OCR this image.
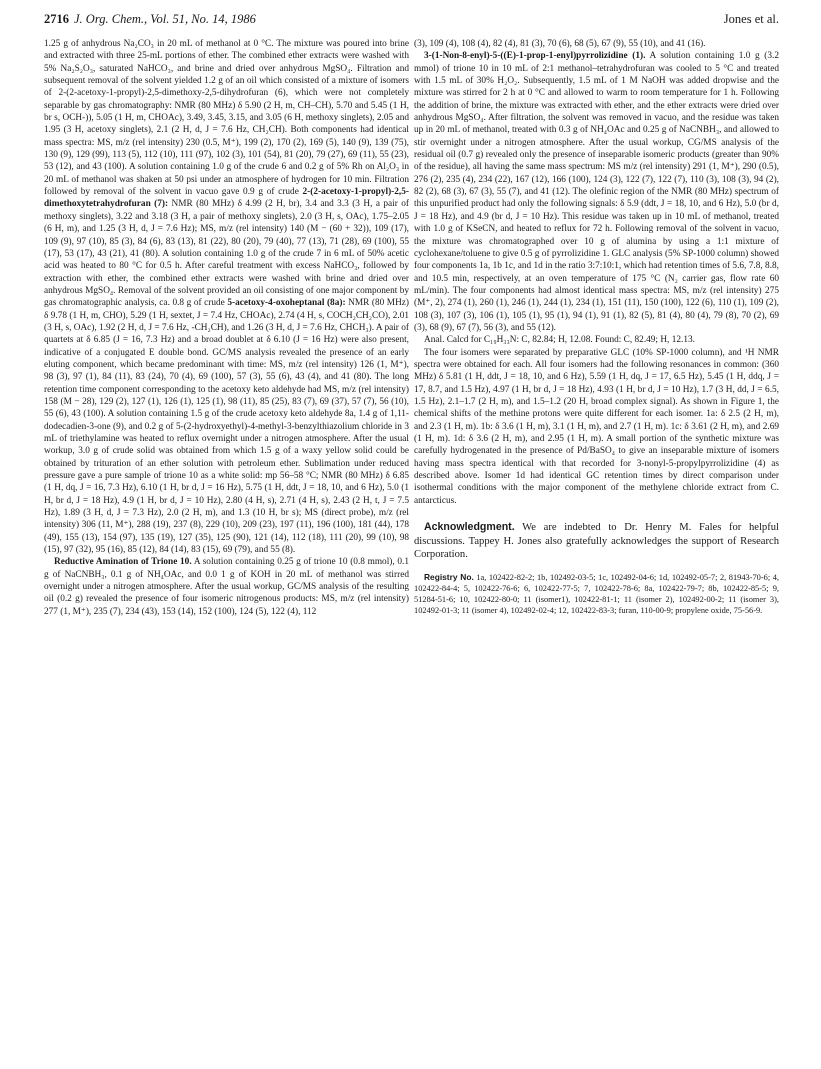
2716 J. Org. Chem., Vol. 51, No. 14, 1986	Jones et al.

1.25 g of anhydrous Na₂CO₃ in 20 mL of methanol at 0 °C. The mixture was poured into brine and extracted with three 25-mL portions of ether. The combined ether extracts were washed with 5% Na₂S₂O₃, saturated NaHCO₃, and brine and dried over anhydrous MgSO₄. Filtration and subsequent removal of the solvent yielded 1.2 g of an oil which consisted of a mixture of isomers of 2-(2-acetoxy-1-propyl)-2,5-dimethoxy-2,5-dihydrofuran (6), which were not completely separable by gas chromatography: NMR (80 MHz) δ 5.90 (2 H, m, CH–CH), 5.70 and 5.45 (1 H, br s, OCH-)), 5.05 (1 H, m, CHOAc), 3.49, 3.45, 3.15, and 3.05 (6 H, methoxy singlets), 2.05 and 1.95 (3 H, acetoxy singlets), 2.1 (2 H, d, J = 7.6 Hz, CH₂CH). Both components had identical mass spectra: MS, m/z (rel intensity) 230 (0.5, M⁺), 199 (2), 170 (2), 169 (5), 140 (9), 139 (75), 130 (9), 129 (99), 113 (5), 112 (10), 111 (97), 102 (3), 101 (54), 81 (20), 79 (27), 69 (11), 55 (23), 53 (12), and 43 (100). A solution containing 1.0 g of the crude 6 and 0.2 g of 5% Rh on Al₂O₃ in 20 mL of methanol was shaken at 50 psi under an atmosphere of hydrogen for 10 min. Filtration followed by removal of the solvent in vacuo gave 0.9 g of crude 2-(2-acetoxy-1-propyl)-2,5-dimethoxytetrahydrofuran (7): NMR (80 MHz) δ 4.99 (2 H, br), 3.4 and 3.3 (3 H, a pair of methoxy singlets), 3.22 and 3.18 (3 H, a pair of methoxy singlets), 2.0 (3 H, s, OAc), 1.75–2.05 (6 H, m), and 1.25 (3 H, d, J = 7.6 Hz); MS, m/z (rel intensity) 140 (M − (60 + 32)), 109 (17), 109 (9), 97 (10), 85 (3), 84 (6), 83 (13), 81 (22), 80 (20), 79 (40), 77 (13), 71 (28), 69 (100), 55 (17), 53 (17), 43 (21), 41 (80). A solution containing 1.0 g of the crude 7 in 6 mL of 50% acetic acid was heated to 80 °C for 0.5 h. After careful treatment with excess NaHCO₃, followed by extraction with ether, the combined ether extracts were washed with brine and dried over anhydrous MgSO₄. Removal of the solvent provided an oil consisting of one major component by gas chromatographic analysis, ca. 0.8 g of crude 5-acetoxy-4-oxoheptanal (8a): NMR (80 MHz) δ 9.78 (1 H, m, CHO), 5.29 (1 H, sextet, J = 7.4 Hz, CHOAc), 2.74 (4 H, s, COCH₂CH₂CO), 2.01 (3 H, s, OAc), 1.92 (2 H, d, J = 7.6 Hz, -CH₂CH), and 1.26 (3 H, d, J = 7.6 Hz, CHCH₃). A pair of quartets at δ 6.85 (J = 16, 7.3 Hz) and a broad doublet at δ 6.10 (J = 16 Hz) were also present, indicative of a conjugated E double bond. GC/MS analysis revealed the presence of an early eluting component, which became predominant with time: MS, m/z (rel intensity) 126 (1, M⁺), 98 (3), 97 (1), 84 (11), 83 (24), 70 (4), 69 (100), 57 (3), 55 (6), 43 (4), and 41 (80). The long retention time component corresponding to the acetoxy keto aldehyde had MS, m/z (rel intensity) 158 (M − 28), 129 (2), 127 (1), 126 (1), 125 (1), 98 (11), 85 (25), 83 (7), 69 (37), 57 (7), 56 (10), 55 (6), 43 (100). A solution containing 1.5 g of the crude acetoxy keto aldehyde 8a, 1.4 g of 1,11-dodecadien-3-one (9), and 0.2 g of 5-(2-hydroxyethyl)-4-methyl-3-benzylthiazolium chloride in 3 mL of triethylamine was heated to reflux overnight under a nitrogen atmosphere. After the usual workup, 3.0 g of crude solid was obtained from which 1.5 g of a waxy yellow solid could be obtained by trituration of an ether solution with petroleum ether. Sublimation under reduced pressure gave a pure sample of trione 10 as a white solid: mp 56–58 °C; NMR (80 MHz) δ 6.85 (1 H, dq, J = 16, 7.3 Hz), 6.10 (1 H, br d, J = 16 Hz), 5.75 (1 H, ddt, J = 18, 10, and 6 Hz), 5.0 (1 H, br d, J = 18 Hz), 4.9 (1 H, br d, J = 10 Hz), 2.80 (4 H, s), 2.71 (4 H, s), 2.43 (2 H, t, J = 7.5 Hz), 1.89 (3 H, d, J = 7.3 Hz), 2.0 (2 H, m), and 1.3 (10 H, br s); MS (direct probe), m/z (rel intensity) 306 (11, M⁺), 288 (19), 237 (8), 229 (10), 209 (23), 197 (11), 196 (100), 181 (44), 178 (49), 155 (13), 154 (97), 135 (19), 127 (35), 125 (90), 121 (14), 112 (18), 111 (20), 99 (10), 98 (15), 97 (32), 95 (16), 85 (12), 84 (14), 83 (15), 69 (79), and 55 (8).

Reductive Amination of Trione 10. A solution containing 0.25 g of trione 10 (0.8 mmol), 0.1 g of NaCNBH₃, 0.1 g of NH₄OAc, and 0.0 1 g of KOH in 20 mL of methanol was stirred overnight under a nitrogen atmosphere. After the usual workup, GC/MS analysis of the resulting oil (0.2 g) revealed the presence of four isomeric nitrogenous products: MS, m/z (rel intensity) 277 (1, M⁺), 235 (7), 234 (43), 153 (14), 152 (100), 124 (5), 122 (4), 112

(3), 109 (4), 108 (4), 82 (4), 81 (3), 70 (6), 68 (5), 67 (9), 55 (10), and 41 (16).

3-(1-Non-8-enyl)-5-((E)-1-prop-1-enyl)pyrrolizidine (1). A solution containing 1.0 g (3.2 mmol) of trione 10 in 10 mL of 2:1 methanol–tetrahydrofuran was cooled to 5 °C and treated with 1.5 mL of 30% H₂O₂. Subsequently, 1.5 mL of 1 M NaOH was added dropwise and the mixture was stirred for 2 h at 0 °C and allowed to warm to room temperature for 1 h. Following the addition of brine, the mixture was extracted with ether, and the ether extracts were dried over anhydrous MgSO₄. After filtration, the solvent was removed in vacuo, and the residue was taken up in 20 mL of methanol, treated with 0.3 g of NH₄OAc and 0.25 g of NaCNBH₃, and allowed to stir overnight under a nitrogen atmosphere. After the usual workup, CG/MS analysis of the residual oil (0.7 g) revealed only the presence of inseparable isomeric products (greater than 90% of the residue), all having the same mass spectrum: MS m/z (rel intensity) 291 (1, M⁺), 290 (0.5), 276 (2), 235 (4), 234 (22), 167 (12), 166 (100), 124 (3), 122 (7), 122 (7), 110 (3), 108 (3), 94 (2), 82 (2), 68 (3), 67 (3), 55 (7), and 41 (12). The olefinic region of the NMR (80 MHz) spectrum of this unpurified product had only the following signals: δ 5.9 (ddt, J = 18, 10, and 6 Hz), 5.0 (br d, J = 18 Hz), and 4.9 (br d, J = 10 Hz). This residue was taken up in 10 mL of methanol, treated with 1.0 g of KSeCN, and heated to reflux for 72 h. Following removal of the solvent in vacuo, the mixture was chromatographed over 10 g of alumina by using a 1:1 mixture of cyclohexane/toluene to give 0.5 g of pyrrolizidine 1. GLC analysis (5% SP-1000 column) showed four components 1a, 1b 1c, and 1d in the ratio 3:7:10:1, which had retention times of 5.6, 7.8, 8.8, and 10.5 min, respectively, at an oven temperature of 175 °C (N₂ carrier gas, flow rate 60 mL/min). The four components had almost identical mass spectra: MS, m/z (rel intensity) 275 (M⁺, 2), 274 (1), 260 (1), 246 (1), 244 (1), 234 (1), 151 (11), 150 (100), 122 (6), 110 (1), 109 (2), 108 (3), 107 (3), 106 (1), 105 (1), 95 (1), 94 (1), 91 (1), 82 (5), 81 (4), 80 (4), 79 (8), 70 (2), 69 (3), 68 (9), 67 (7), 56 (3), and 55 (12).

Anal. Calcd for C₁₉H₃₃N: C, 82.84; H, 12.08. Found: C, 82.49; H, 12.13.

The four isomers were separated by preparative GLC (10% SP-1000 column), and ¹H NMR spectra were obtained for each. All four isomers had the following resonances in common: (360 MHz) δ 5.81 (1 H, ddt, J = 18, 10, and 6 Hz), 5.59 (1 H, dq, J = 17, 6.5 Hz), 5.45 (1 H, ddq, J = 17, 8.7, and 1.5 Hz), 4.97 (1 H, br d, J = 18 Hz), 4.93 (1 H, br d, J = 10 Hz), 1.7 (3 H, dd, J = 6.5, 1.5 Hz), 2.1–1.7 (2 H, m), and 1.5–1.2 (20 H, broad complex signal). As shown in Figure 1, the chemical shifts of the methine protons were quite different for each isomer. 1a: δ 2.5 (2 H, m), and 2.3 (1 H, m). 1b: δ 3.6 (1 H, m), 3.1 (1 H, m), and 2.7 (1 H, m). 1c: δ 3.61 (2 H, m), and 2.69 (1 H, m). 1d: δ 3.6 (2 H, m), and 2.95 (1 H, m). A small portion of the synthetic mixture was carefully hydrogenated in the presence of Pd/BaSO₄ to give an inseparable mixture of isomers having mass spectra identical with that recorded for 3-nonyl-5-propylpyrrolizidine (4) as described above. Isomer 1d had identical GC retention times by direct comparison under isothermal conditions with the major component of the methylene chloride extract from C. antarcticus.

Acknowledgment. We are indebted to Dr. Henry M. Fales for helpful discussions. Tappey H. Jones also gratefully acknowledges the support of Research Corporation.

Registry No. 1a, 102422-82-2; 1b, 102492-03-5; 1c, 102492-04-6; 1d, 102492-05-7; 2, 81943-70-6; 4, 102422-84-4; 5, 102422-76-6; 6, 102422-77-5; 7, 102422-78-6; 8a, 102422-79-7; 8b, 102422-85-5; 9, 51284-51-6; 10, 102422-80-0; 11 (isomer1), 102422-81-1; 11 (isomer 2), 102492-00-2; 11 (isomer 3), 102492-01-3; 11 (isomer 4), 102492-02-4; 12, 102422-83-3; furan, 110-00-9; propylene oxide, 75-56-9.
